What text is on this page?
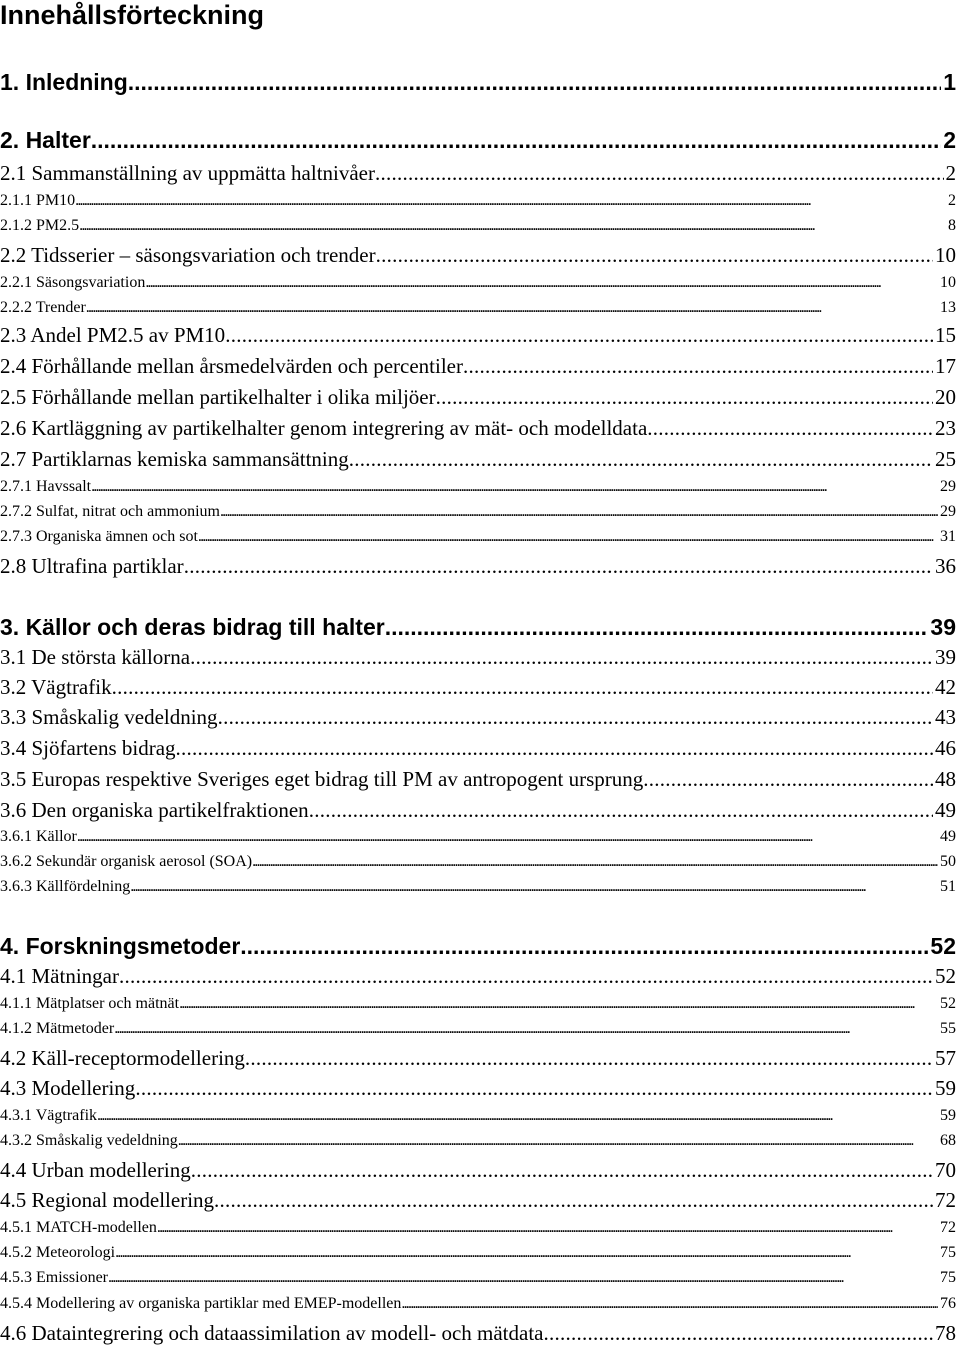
Innehållsförteckning
1. Inledning . . .	1
2. Halter . . .	2
2.1 Sammanställning av uppmätta haltnivåer . . .	2
2.1.1 PM10 . . .	2
2.1.2 PM2.5 . . .	8
2.2 Tidsserier – säsongsvariation och trender . . .	10
2.2.1 Säsongsvariation . . .	10
2.2.2 Trender . . .	13
2.3 Andel PM2.5 av PM10 . . .	15
2.4 Förhållande mellan årsmedelvärden och percentiler . . .	17
2.5 Förhållande mellan partikelhalter i olika miljöer . . .	20
2.6 Kartläggning av partikelhalter genom integrering av mät- och modelldata . . .	23
2.7 Partiklarnas kemiska sammansättning . . .	25
2.7.1 Havssalt . . .	29
2.7.2 Sulfat, nitrat och ammonium . . .	29
2.7.3 Organiska ämnen och sot . . .	31
2.8 Ultrafina partiklar . . .	36
3. Källor och deras bidrag till halter . . .	39
3.1 De största källorna . . .	39
3.2 Vägtrafik . . .	42
3.3 Småskalig vedeldning . . .	43
3.4 Sjöfartens bidrag . . .	46
3.5 Europas respektive Sveriges eget bidrag till PM av antropogent ursprung . . .	48
3.6 Den organiska partikelfraktionen . . .	49
3.6.1 Källor . . .	49
3.6.2 Sekundär organisk aerosol (SOA) . . .	50
3.6.3 Källfördelning . . .	51
4. Forskningsmetoder . . .	52
4.1 Mätningar . . .	52
4.1.1 Mätplatser och mätnät . . .	52
4.1.2 Mätmetoder . . .	55
4.2 Käll-receptormodellering . . .	57
4.3 Modellering . . .	59
4.3.1 Vägtrafik . . .	59
4.3.2 Småskalig vedeldning . . .	68
4.4 Urban modellering . . .	70
4.5 Regional modellering . . .	72
4.5.1 MATCH-modellen . . .	72
4.5.2 Meteorologi . . .	75
4.5.3 Emissioner . . .	75
4.5.4 Modellering av organiska partiklar med EMEP-modellen . . .	76
4.6 Dataintegrering och dataassimilation av modell- och mätdata . . .	78
